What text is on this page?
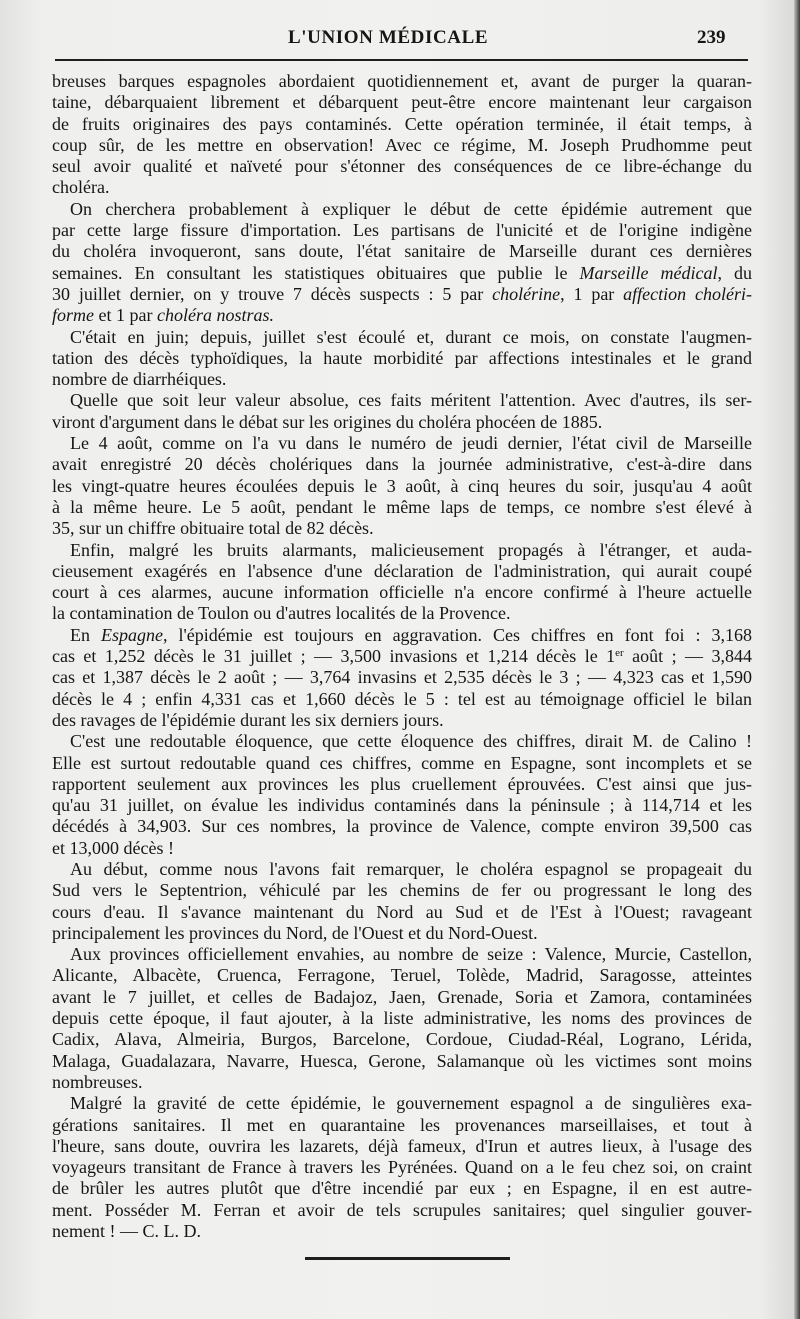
L'UNION MÉDICALE	239
breuses barques espagnoles abordaient quotidiennement et, avant de purger la quaran-
taine, débarquaient librement et débarquent peut-être encore maintenant leur cargaison
de fruits originaires des pays contaminés. Cette opération terminée, il était temps, à
coup sûr, de les mettre en observation! Avec ce régime, M. Joseph Prudhomme peut
seul avoir qualité et naïveté pour s'étonner des conséquences de ce libre-échange du
choléra.
On cherchera probablement à expliquer le début de cette épidémie autrement que
par cette large fissure d'importation. Les partisans de l'unicité et de l'origine indigène
du choléra invoqueront, sans doute, l'état sanitaire de Marseille durant ces dernières
semaines. En consultant les statistiques obituaires que publie le Marseille médical, du
30 juillet dernier, on y trouve 7 décès suspects : 5 par cholérine, 1 par affection choléri-
forme et 1 par choléra nostras.
C'était en juin; depuis, juillet s'est écoulé et, durant ce mois, on constate l'augmen-
tation des décès typhoïdiques, la haute morbidité par affections intestinales et le grand
nombre de diarrhéiques.
Quelle que soit leur valeur absolue, ces faits méritent l'attention. Avec d'autres, ils ser-
viront d'argument dans le débat sur les origines du choléra phocéen de 1885.
Le 4 août, comme on l'a vu dans le numéro de jeudi dernier, l'état civil de Marseille
avait enregistré 20 décès cholériques dans la journée administrative, c'est-à-dire dans
les vingt-quatre heures écoulées depuis le 3 août, à cinq heures du soir, jusqu'au 4 août
à la même heure. Le 5 août, pendant le même laps de temps, ce nombre s'est élevé à
35, sur un chiffre obituaire total de 82 décès.
Enfin, malgré les bruits alarmants, malicieusement propagés à l'étranger, et auda-
cieusement exagérés en l'absence d'une déclaration de l'administration, qui aurait coupé
court à ces alarmes, aucune information officielle n'a encore confirmé à l'heure actuelle
la contamination de Toulon ou d'autres localités de la Provence.
En Espagne, l'épidémie est toujours en aggravation. Ces chiffres en font foi : 3,168
cas et 1,252 décès le 31 juillet ; — 3,500 invasions et 1,214 décès le 1er août ; — 3,844
cas et 1,387 décès le 2 août ; — 3,764 invasins et 2,535 décès le 3 ; — 4,323 cas et 1,590
décès le 4 ; enfin 4,331 cas et 1,660 décès le 5 : tel est au témoignage officiel le bilan
des ravages de l'épidémie durant les six derniers jours.
C'est une redoutable éloquence, que cette éloquence des chiffres, dirait M. de Calino !
Elle est surtout redoutable quand ces chiffres, comme en Espagne, sont incomplets et se
rapportent seulement aux provinces les plus cruellement éprouvées. C'est ainsi que jus-
qu'au 31 juillet, on évalue les individus contaminés dans la péninsule ; à 114,714 et les
décédés à 34,903. Sur ces nombres, la province de Valence, compte environ 39,500 cas
et 13,000 décès !
Au début, comme nous l'avons fait remarquer, le choléra espagnol se propageait du
Sud vers le Septentrion, véhiculé par les chemins de fer ou progressant le long des
cours d'eau. Il s'avance maintenant du Nord au Sud et de l'Est à l'Ouest; ravageant
principalement les provinces du Nord, de l'Ouest et du Nord-Ouest.
Aux provinces officiellement envahies, au nombre de seize : Valence, Murcie, Castellon,
Alicante, Albacète, Cruenca, Ferragone, Teruel, Tolède, Madrid, Saragosse, atteintes
avant le 7 juillet, et celles de Badajoz, Jaen, Grenade, Soria et Zamora, contaminées
depuis cette époque, il faut ajouter, à la liste administrative, les noms des provinces de
Cadix, Alava, Almeiria, Burgos, Barcelone, Cordoue, Ciudad-Réal, Lograno, Lérida,
Malaga, Guadalazara, Navarre, Huesca, Gerone, Salamanque où les victimes sont moins
nombreuses.
Malgré la gravité de cette épidémie, le gouvernement espagnol a de singulières exa-
gérations sanitaires. Il met en quarantaine les provenances marseillaises, et tout à
l'heure, sans doute, ouvrira les lazarets, déjà fameux, d'Irun et autres lieux, à l'usage des
voyageurs transitant de France à travers les Pyrénées. Quand on a le feu chez soi, on craint
de brûler les autres plutôt que d'être incendié par eux ; en Espagne, il en est autre-
ment. Posséder M. Ferran et avoir de tels scrupules sanitaires; quel singulier gouver-
nement ! — C. L. D.
